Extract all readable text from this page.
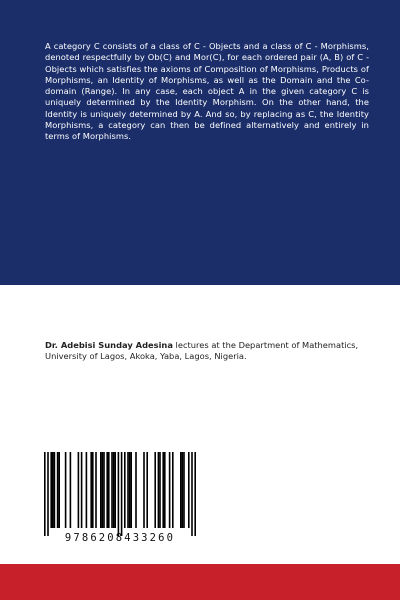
A category C consists of a class of C - Objects and a class of C - Morphisms, denoted respectfully by Ob(C) and Mor(C), for each ordered pair (A, B) of C - Objects which satisfies the axioms of Composition of Morphisms, Products of Morphisms, an Identity of Morphisms, as well as the Domain and the Co-domain (Range). In any case, each object A in the given category C is uniquely determined by the Identity Morphism. On the other hand, the Identity is uniquely determined by A. And so, by replacing as C, the Identity Morphisms, a category can then be defined alternatively and entirely in terms of Morphisms.

Dr. Adebisi Sunday Adesina lectures at the Department of Mathematics, University of Lagos, Akoka, Yaba, Lagos, Nigeria.

9786208433260
